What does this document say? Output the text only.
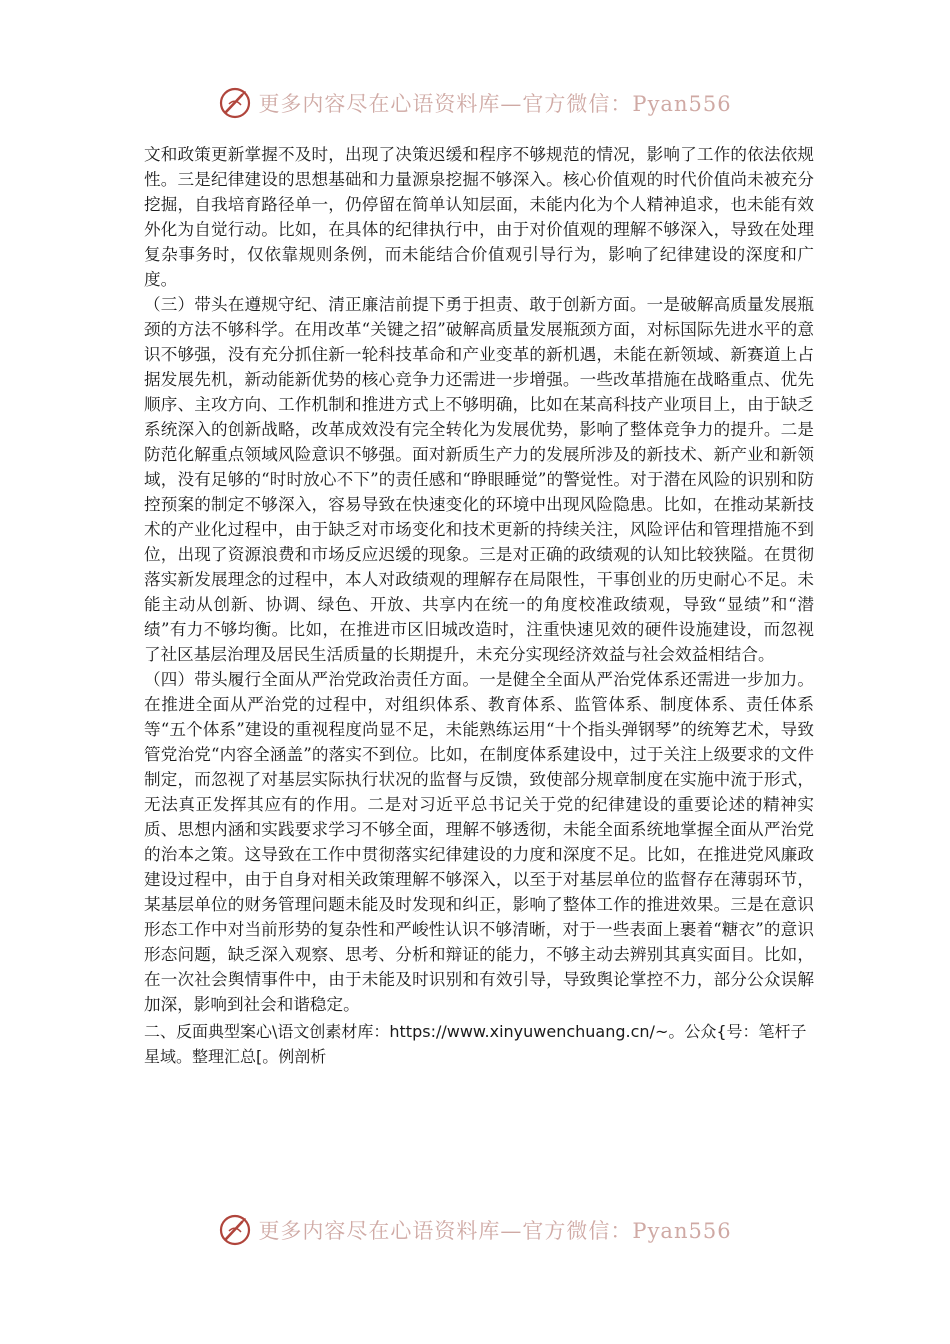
更多内容尽在心语资料库—官方微信：Pyan556

文和政策更新掌握不及时，出现了决策迟缓和程序不够规范的情况，影响了工作的依法依规性。三是纪律建设的思想基础和力量源泉挖掘不够深入。核心价值观的时代价值尚未被充分挖掘，自我培育路径单一，仍停留在简单认知层面，未能内化为个人精神追求，也未能有效外化为自觉行动。比如，在具体的纪律执行中，由于对价值观的理解不够深入，导致在处理复杂事务时，仅依靠规则条例，而未能结合价值观引导行为，影响了纪律建设的深度和广度。

（三）带头在遵规守纪、清正廉洁前提下勇于担责、敢于创新方面。一是破解高质量发展瓶颈的方法不够科学。在用改革“关键之招”破解高质量发展瓶颈方面，对标国际先进水平的意识不够强，没有充分抓住新一轮科技革命和产业变革的新机遇，未能在新领域、新赛道上占据发展先机，新动能新优势的核心竞争力还需进一步增强。一些改革措施在战略重点、优先顺序、主攻方向、工作机制和推进方式上不够明确，比如在某高科技产业项目上，由于缺乏系统深入的创新战略，改革成效没有完全转化为发展优势，影响了整体竞争力的提升。二是防范化解重点领域风险意识不够强。面对新质生产力的发展所涉及的新技术、新产业和新领域，没有足够的“时时放心不下”的责任感和“睁眼睡觉”的警觉性。对于潜在风险的识别和防控预案的制定不够深入，容易导致在快速变化的环境中出现风险隐患。比如，在推动某新技术的产业化过程中，由于缺乏对市场变化和技术更新的持续关注，风险评估和管理措施不到位，出现了资源浪费和市场反应迟缓的现象。三是对正确的政绩观的认知比较狭隘。在贯彻落实新发展理念的过程中，本人对政绩观的理解存在局限性，干事创业的历史耐心不足。未能主动从创新、协调、绿色、开放、共享内在统一的角度校准政绩观，导致“显绩”和“潜绩”有力不够均衡。比如，在推进市区旧城改造时，注重快速见效的硬件设施建设，而忽视了社区基层治理及居民生活质量的长期提升，未充分实现经济效益与社会效益相结合。

（四）带头履行全面从严治党政治责任方面。一是健全全面从严治党体系还需进一步加力。在推进全面从严治党的过程中，对组织体系、教育体系、监管体系、制度体系、责任体系等“五个体系”建设的重视程度尚显不足，未能熟练运用“十个指头弹钢琴”的统筹艺术，导致管党治党“内容全涵盖”的落实不到位。比如，在制度体系建设中，过于关注上级要求的文件制定，而忽视了对基层实际执行状况的监督与反馈，致使部分规章制度在实施中流于形式，无法真正发挥其应有的作用。二是对习近平总书记关于党的纪律建设的重要论述的精神实质、思想内涵和实践要求学习不够全面，理解不够透彻，未能全面系统地掌握全面从严治党的治本之策。这导致在工作中贯彻落实纪律建设的力度和深度不足。比如，在推进党风廉政建设过程中，由于自身对相关政策理解不够深入，以至于对基层单位的监督存在薄弱环节，某基层单位的财务管理问题未能及时发现和纠正，影响了整体工作的推进效果。三是在意识形态工作中对当前形势的复杂性和严峻性认识不够清晰，对于一些表面上裹着“糖衣”的意识形态问题，缺乏深入观察、思考、分析和辩证的能力，不够主动去辨别其真实面目。比如，在一次社会舆情事件中，由于未能及时识别和有效引导，导致舆论掌控不力，部分公众误解加深，影响到社会和谐稳定。

二、反面典型案心\语文创素材库：https://www.xinyuwenchuang.cn/~。公众{号：笔杆子星域。整理汇总[。例剖析

更多内容尽在心语资料库—官方微信：Pyan556
